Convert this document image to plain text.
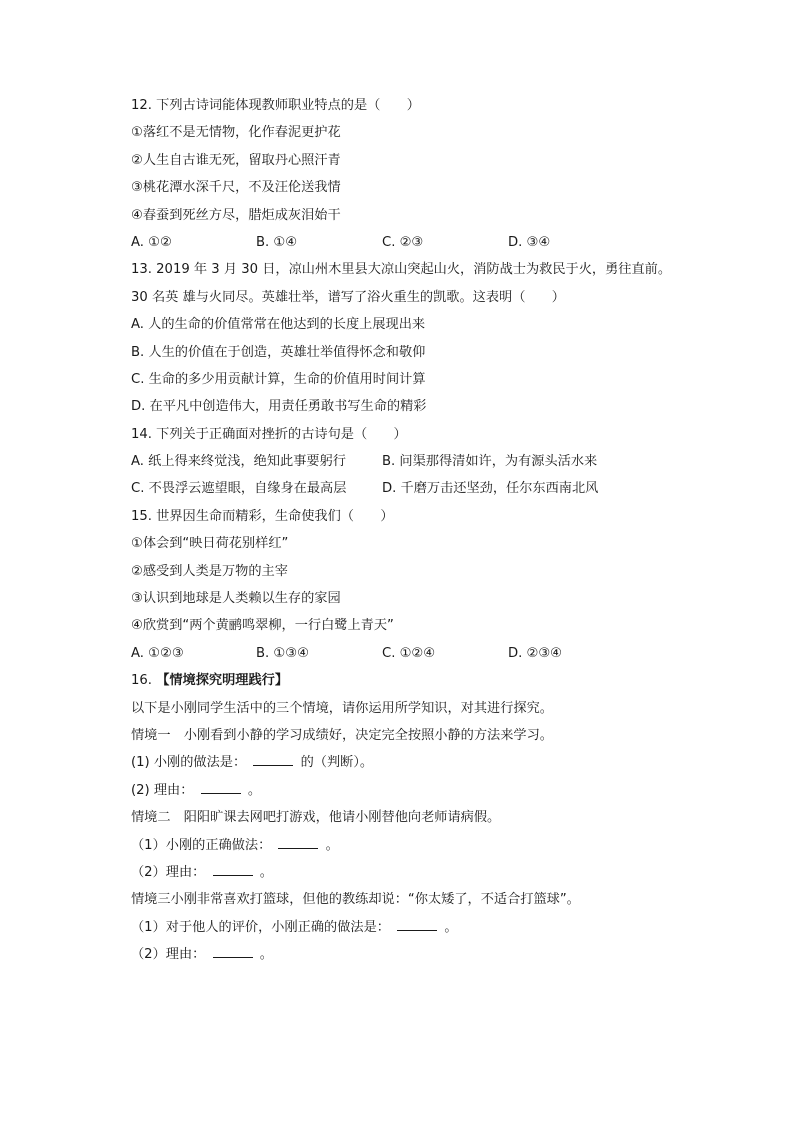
12. 下列古诗词能体现教师职业特点的是（　　）
①落红不是无情物，化作春泥更护花
②人生自古谁无死，留取丹心照汗青
③桃花潭水深千尺，不及汪伦送我情
④春蚕到死丝方尽，腊炬成灰泪始干
A. ①②	B. ①④	C. ②③	D. ③④
13. 2019 年 3 月 30 日，凉山州木里县大凉山突起山火，消防战士为救民于火，勇往直前。
30 名英 雄与火同尽。英雄壮举，谱写了浴火重生的凯歌。这表明（　　）
A. 人的生命的价值常常在他达到的长度上展现出来
B. 人生的价值在于创造，英雄壮举值得怀念和敬仰
C. 生命的多少用贡献计算，生命的价值用时间计算
D. 在平凡中创造伟大，用责任勇敢书写生命的精彩
14. 下列关于正确面对挫折的古诗句是（　　）
A. 纸上得来终觉浅，绝知此事要躬行	B. 问渠那得清如许，为有源头活水来
C. 不畏浮云遮望眼，自缘身在最高层	D. 千磨万击还坚劲，任尔东西南北风
15. 世界因生命而精彩，生命使我们（　　）
①体会到“映日荷花别样红”
②感受到人类是万物的主宰
③认识到地球是人类赖以生存的家园
④欣赏到“两个黄鹂鸣翠柳，一行白鹭上青天”
A. ①②③	B. ①③④	C. ①②④	D. ②③④
16. 【情境探究明理践行】
以下是小刚同学生活中的三个情境，请你运用所学知识，对其进行探究。
情境一　小刚看到小静的学习成绩好，决定完全按照小静的方法来学习。
(1) 小刚的做法是：	的（判断）。
(2) 理由：	。
情境二　阳阳旷课去网吧打游戏，他请小刚替他向老师请病假。
（1）小刚的正确做法：	。
（2）理由：	。
情境三小刚非常喜欢打篮球，但他的教练却说：“你太矮了，不适合打篮球”。
（1）对于他人的评价，小刚正确的做法是：	。
（2）理由：	。
